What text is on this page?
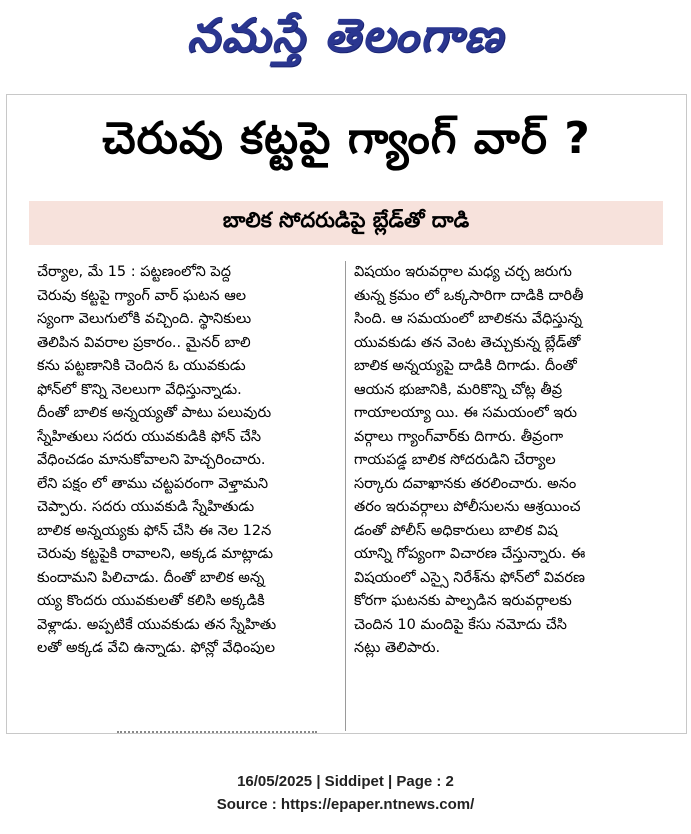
నమస్తే తెలంగాణ
చెరువు కట్టపై గ్యాంగ్ వార్ ?
బాలిక సోదరుడిపై బ్లేడ్‌తో దాడి
చేర్యాల, మే 15 : పట్టణంలోని పెద్ద
చెరువు కట్టపై గ్యాంగ్ వార్ ఘటన ఆల
స్యంగా వెలుగులోకి వచ్చింది. స్థానికులు
తెలిపిన వివరాల ప్రకారం.. మైనర్ బాలి
కను పట్టణానికి చెందిన ఓ యువకుడు
ఫోన్‌లో కొన్ని నెలలుగా వేధిస్తున్నాడు.
దీంతో బాలిక అన్నయ్యతో పాటు పలువురు
స్నేహితులు సదరు యువకుడికి ఫోన్ చేసి
వేధించడం మానుకోవాలని హెచ్చరించారు.
లేని పక్షం లో తాము చట్టపరంగా వెళ్తామని
చెప్పారు. సదరు యువకుడి స్నేహితుడు
బాలిక అన్నయ్యకు ఫోన్ చేసి ఈ నెల 12న
చెరువు కట్టపైకి రావాలని, అక్కడ మాట్లాడు
కుందామని పిలిచాడు. దీంతో బాలిక అన్న
య్య కొందరు యువకులతో కలిసి అక్కడికి
వెళ్లాడు. అప్పటికే యువకుడు తన స్నేహితు
లతో అక్కడ వేచి ఉన్నాడు. ఫోన్లో వేధింపుల
విషయం ఇరువర్గాల మధ్య చర్చ జరుగు
తున్న క్రమం లో ఒక్కసారిగా దాడికి దారితీ
సింది. ఆ సమయంలో బాలికను వేధిస్తున్న
యువకుడు తన వెంట తెచ్చుకున్న బ్లేడ్‌తో
బాలిక అన్నయ్యపై దాడికి దిగాడు. దీంతో
ఆయన భుజానికి, మరికొన్ని చోట్ల తీవ్ర
గాయాలయ్యా యి. ఈ సమయంలో ఇరు
వర్గాలు గ్యాంగ్‌వార్‌కు దిగారు. తీవ్రంగా
గాయపడ్డ బాలిక సోదరుడిని చేర్యాల
సర్కారు దవాఖానకు తరలించారు. అనం
తరం ఇరువర్గాలు పోలీసులను ఆశ్రయించ
డంతో పోలీస్ అధికారులు బాలిక విష
యాన్ని గోప్యంగా విచారణ చేస్తున్నారు. ఈ
విషయంలో ఎస్సై నిరేశ్‌ను ఫోన్‌లో వివరణ
కోరగా ఘటనకు పాల్పడిన ఇరువర్గాలకు
చెందిన 10 మందిపై కేసు నమోదు చేసి
నట్లు తెలిపారు.
16/05/2025 | Siddipet | Page : 2
Source : https://epaper.ntnews.com/
